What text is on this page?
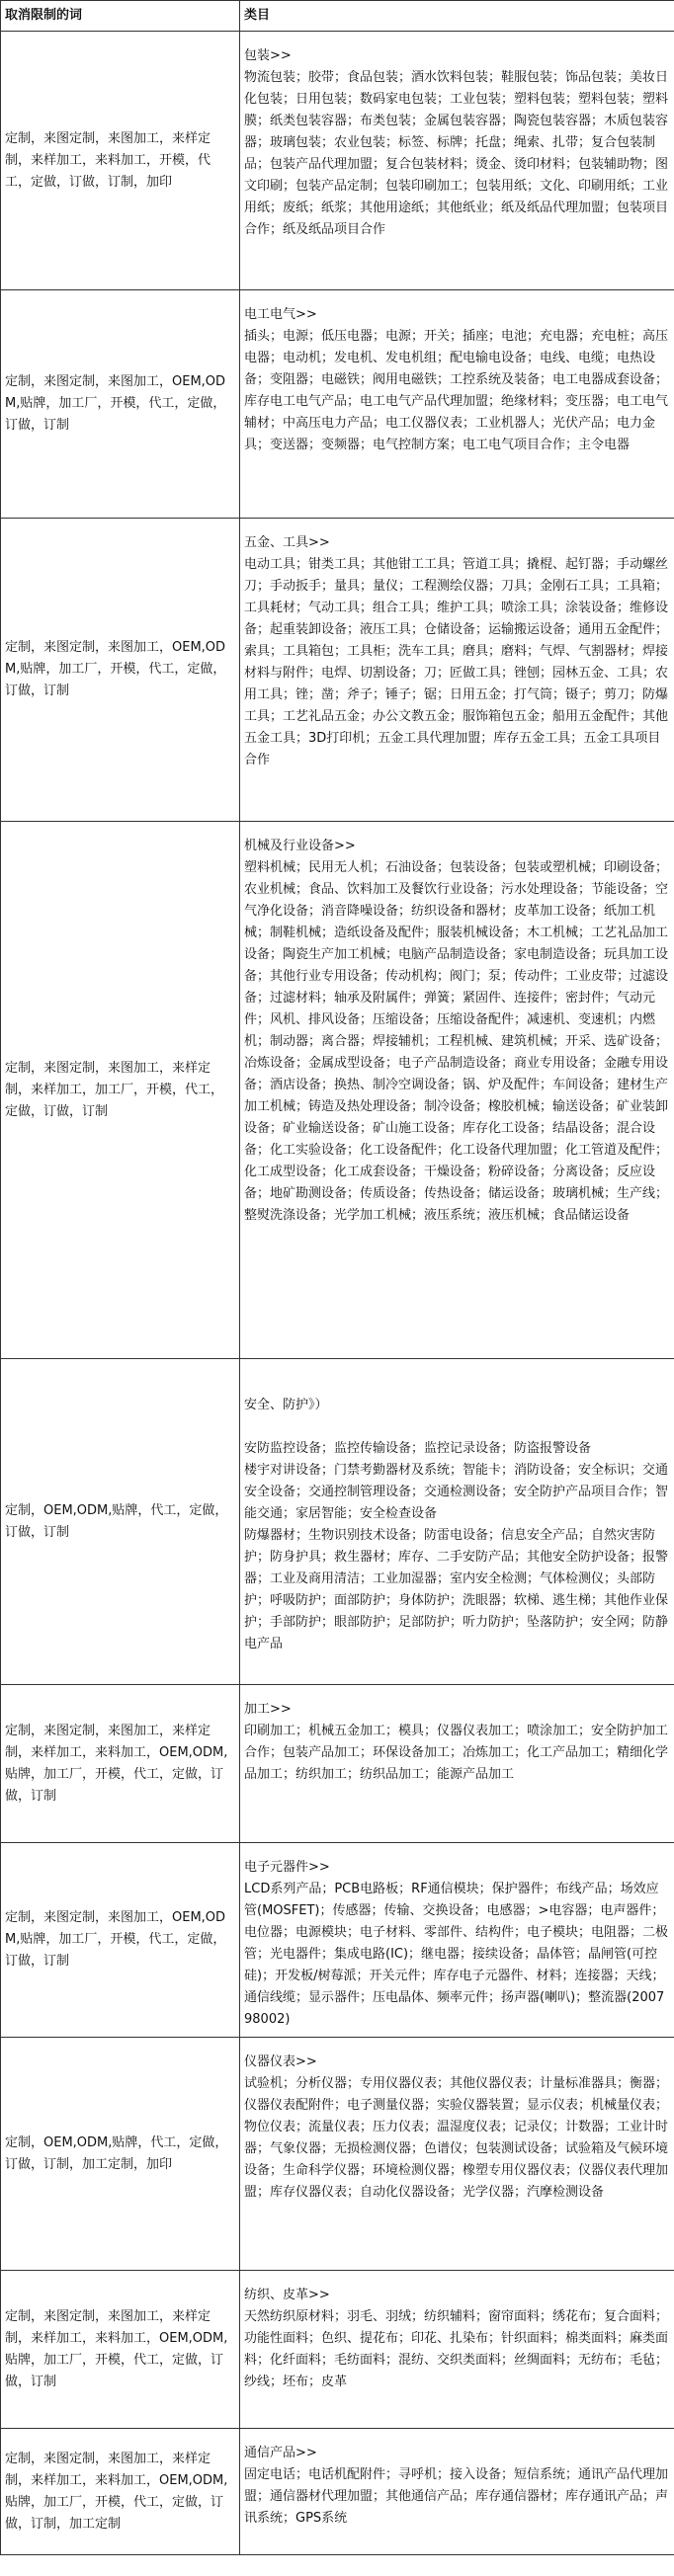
取消限制的词	类目
定制，来图定制，来图加工，来样定制，来样加工，来料加工，开模，代工，定做，订做，订制，加印	包装>>
物流包装；胶带；食品包装；酒水饮料包装；鞋服包装；饰品包装；美妆日化包装；日用包装；数码家电包装；工业包装；塑料包装；塑料包装；塑料膜；纸类包装容器；布类包装；金属包装容器；陶瓷包装容器；木质包装容器；玻璃包装；农业包装；标签、标牌；托盘；绳索、扎带；复合包装制品；包装产品代理加盟；复合包装材料；烫金、烫印材料；包装辅助物；图文印刷；包装产品定制；包装印刷加工；包装用纸；文化、印刷用纸；工业用纸；废纸；纸浆；其他用途纸；其他纸业；纸及纸品代理加盟；包装项目合作；纸及纸品项目合作

定制，来图定制，来图加工，OEM,ODM,贴牌，加工厂，开模，代工，定做，订做，订制	电工电气>>
插头；电源；低压电器；电源；开关；插座；电池；充电器；充电桩；高压电器；电动机；发电机、发电机组；配电输电设备；电线、电缆；电热设备；变阻器；电磁铁；阀用电磁铁；工控系统及装备；电工电器成套设备；库存电工电气产品；电工电气产品代理加盟；绝缘材料；变压器；电工电气辅材；中高压电力产品；电工仪器仪表；工业机器人；光伏产品；电力金具；变送器；变频器；电气控制方案；电工电气项目合作；主令电器

定制，来图定制，来图加工，OEM,ODM,贴牌，加工厂，开模，代工，定做，订做，订制	五金、工具>>
电动工具；钳类工具；其他钳工工具；管道工具；撬棍、起钉器；手动螺丝刀；手动扳手；量具；量仪；工程测绘仪器；刀具；金刚石工具；工具箱；工具耗材；气动工具；组合工具；维护工具；喷涂工具；涂装设备；维修设备；起重装卸设备；液压工具；仓储设备；运输搬运设备；通用五金配件；索具；工具箱包；工具柜；洗车工具；磨具；磨料；气焊、气割器材；焊接材料与附件；电焊、切割设备；刀；匠做工具；锉刨；园林五金、工具；农用工具；锉；凿；斧子；锤子；锯；日用五金；打气筒；镊子；剪刀；防爆工具；工艺礼品五金；办公文教五金；服饰箱包五金；船用五金配件；其他五金工具；3D打印机；五金工具代理加盟；库存五金工具；五金工具项目合作

定制，来图定制，来图加工，来样定制，来样加工，加工厂，开模，代工，定做，订做，订制	机械及行业设备>>
塑料机械；民用无人机；石油设备；包装设备；包装或塑机械；印刷设备；农业机械；食品、饮料加工及餐饮行业设备；污水处理设备；节能设备；空气净化设备；消音降噪设备；纺织设备和器材；皮革加工设备；纸加工机械；制鞋机械；造纸设备及配件；服装机械设备；木工机械；工艺礼品加工设备；陶瓷生产加工机械；电脑产品制造设备；家电制造设备；玩具加工设备；其他行业专用设备；传动机构；阀门；泵；传动件；工业皮带；过滤设备；过滤材料；轴承及附属件；弹簧；紧固件、连接件；密封件；气动元件；风机、排风设备；压缩设备；压缩设备配件；减速机、变速机；内燃机；制动器；离合器；焊接辅机；工程机械、建筑机械；开采、选矿设备；冶炼设备；金属成型设备；电子产品制造设备；商业专用设备；金融专用设备；酒店设备；换热、制冷空调设备；锅、炉及配件；车间设备；建材生产加工机械；铸造及热处理设备；制冷设备；橡胶机械；输送设备；矿业装卸设备；矿业输送设备；矿山施工设备；库存化工设备；结晶设备；混合设备；化工实验设备；化工设备配件；化工设备代理加盟；化工管道及配件；化工成型设备；化工成套设备；干燥设备；粉碎设备；分离设备；反应设备；地矿勘测设备；传质设备；传热设备；储运设备；玻璃机械；生产线；整熨洗涤设备；光学加工机械；液压系统；液压机械；食品储运设备

定制，OEM,ODM,贴牌，代工，定做，订做，订制	安全、防护》）

安防监控设备；监控传输设备；监控记录设备；防盗报警设备
楼宇对讲设备；门禁考勤器材及系统；智能卡；消防设备；安全标识；交通安全设备；交通控制管理设备；交通检测设备；安全防护产品项目合作；智能交通；家居智能；安全检查设备
防爆器材；生物识别技术设备；防雷电设备；信息安全产品；自然灾害防护；防身护具；救生器材；库存、二手安防产品；其他安全防护设备；报警器；工业及商用清洁；工业加湿器；室内安全检测；气体检测仪；头部防护；呼吸防护；面部防护；身体防护；洗眼器；软梯、逃生梯；其他作业保护；手部防护；眼部防护；足部防护；听力防护；坠落防护；安全网；防静电产品

定制，来图定制，来图加工，来样定制，来样加工，来料加工，OEM,ODM,贴牌，加工厂，开模，代工，定做，订做，订制	加工>>
印刷加工；机械五金加工；模具；仪器仪表加工；喷涂加工；安全防护加工合作；包装产品加工；环保设备加工；冶炼加工；化工产品加工；精细化学品加工；纺织加工；纺织品加工；能源产品加工

定制，来图定制，来图加工，OEM,ODM,贴牌，加工厂，开模，代工，定做，订做，订制	电子元器件>>
LCD系列产品；PCB电路板；RF通信模块；保护器件；布线产品；场效应管(MOSFET)；传感器；传输、交换设备；电感器；>电容器；电声器件；电位器；电源模块；电子材料、零部件、结构件；电子模块；电阻器；二极管；光电器件；集成电路(IC)；继电器；接续设备；晶体管；晶闸管(可控硅)；开发板/树莓派；开关元件；库存电子元器件、材料；连接器；天线；通信线缆；显示器件；压电晶体、频率元件；扬声器(喇叭)；整流器(200798002)

定制，OEM,ODM,贴牌，代工，定做，订做，订制，加工定制，加印	仪器仪表>>
试验机；分析仪器；专用仪器仪表；其他仪器仪表；计量标准器具；衡器；仪器仪表配附件；电子测量仪器；实验仪器装置；显示仪表；机械量仪表；物位仪表；流量仪表；压力仪表；温湿度仪表；记录仪；计数器；工业计时器；气象仪器；无损检测仪器；色谱仪；包装测试设备；试验箱及气候环境设备；生命科学仪器；环境检测仪器；橡塑专用仪器仪表；仪器仪表代理加盟；库存仪器仪表；自动化仪器设备；光学仪器；汽摩检测设备

定制，来图定制，来图加工，来样定制，来样加工，来料加工，OEM,ODM,贴牌，加工厂，开模，代工，定做，订做，订制	纺织、皮革>>
天然纺织原材料；羽毛、羽绒；纺织辅料；窗帘面料；绣花布；复合面料；功能性面料；色织、提花布；印花、扎染布；针织面料；棉类面料；麻类面料；化纤面料；毛纺面料；混纺、交织类面料；丝绸面料；无纺布；毛毡；纱线；坯布；皮革

定制，来图定制，来图加工，来样定制，来样加工，来料加工，OEM,ODM,贴牌，加工厂，开模，代工，定做，订做，订制，加工定制	通信产品>>
固定电话；电话机配附件；寻呼机；接入设备；短信系统；通讯产品代理加盟；通信器材代理加盟；其他通信产品；库存通信器材；库存通讯产品；声讯系统；GPS系统
